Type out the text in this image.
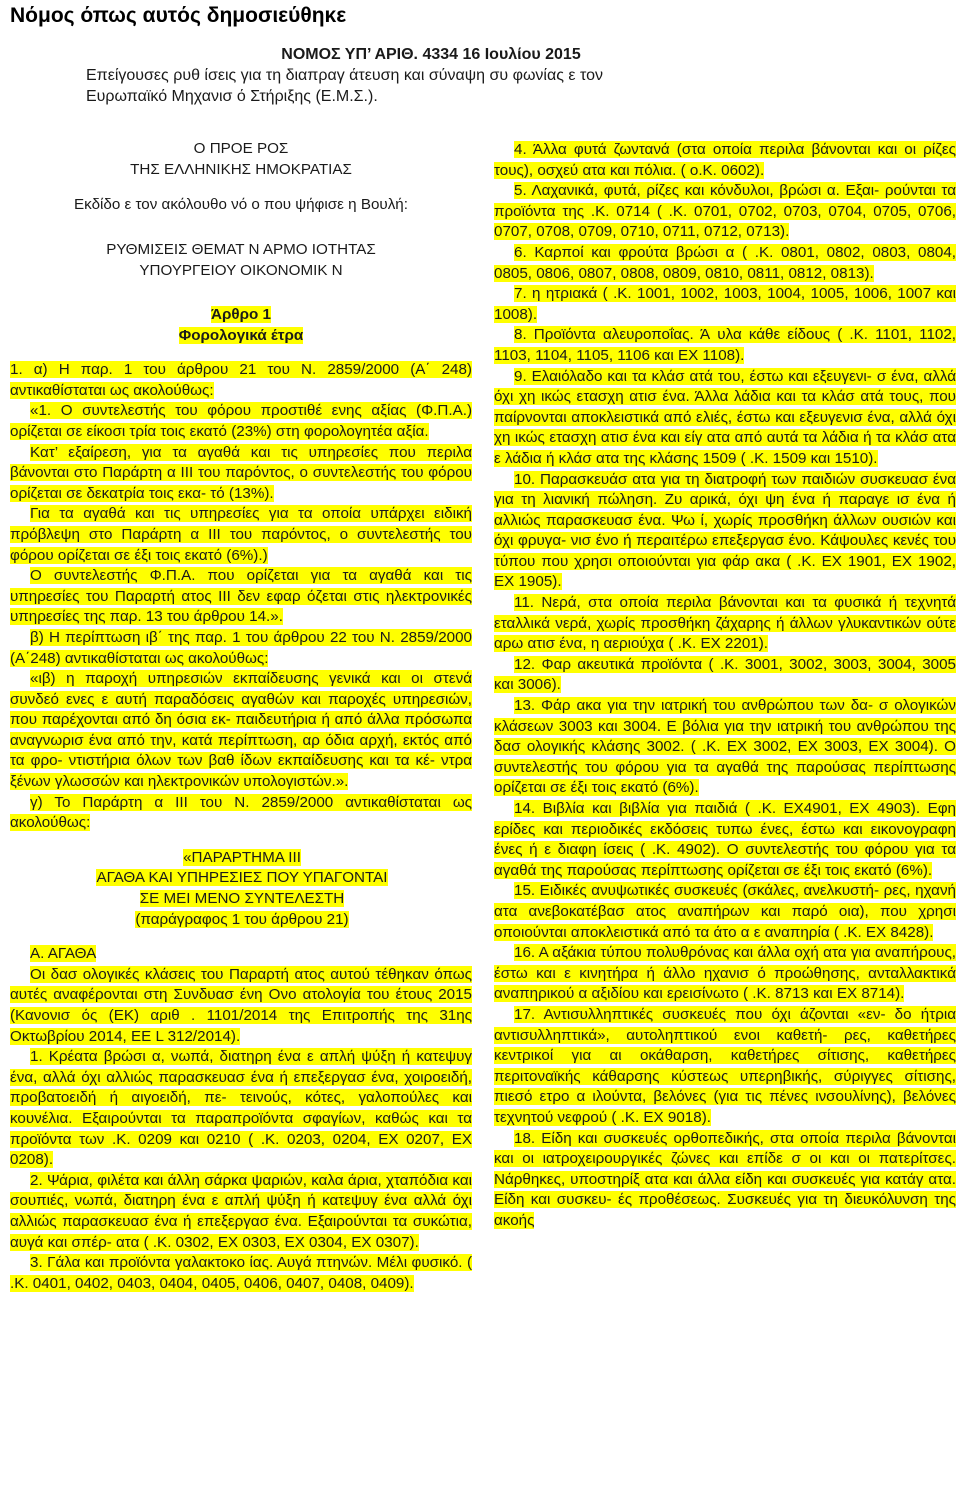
Νόμος όπως αυτός δημοσιεύθηκε

ΝΟΜΟΣ ΥΠ’ ΑΡΙΘ. 4334 16 Ιουλίου 2015

Επείγουσες ρυθ ίσεις για τη διαπραγ άτευση και σύναψη συ φωνίας ε τον

Ευρωπαϊκό Μηχανισ ό Στήριξης (Ε.Μ.Σ.).

Ο ΠΡΟΕ ΡΟΣ

ΤΗΣ ΕΛΛΗΝΙΚΗΣ ΗΜΟΚΡΑΤΙΑΣ

Εκδίδο ε τον ακόλουθο νό ο που ψήφισε η Βουλή:

ΡΥΘΜΙΣΕΙΣ ΘΕΜΑΤ Ν ΑΡΜΟ ΙΟΤΗΤΑΣ

ΥΠΟΥΡΓΕΙΟΥ ΟΙΚΟΝΟΜΙΚ Ν

Άρθρο 1

Φορολογικά έτρα

1. α) Η παρ. 1 του άρθρου 21 του Ν. 2859/2000 (Α΄ 248) αντικαθίσταται ως ακολούθως:

«1. Ο συντελεστής του φόρου προστιθέ ενης αξίας (Φ.Π.Α.) ορίζεται σε είκοσι τρία τοις εκατό (23%) στη φορολογητέα αξία.

Κατ’ εξαίρεση, για τα αγαθά και τις υπηρεσίες που περιλα βάνονται στο Παράρτη α ΙΙΙ του παρόντος, ο συντελεστής του φόρου ορίζεται σε δεκατρία τοις εκα- τό (13%).

Για τα αγαθά και τις υπηρεσίες για τα οποία υπάρχει ειδική πρόβλεψη στο Παράρτη α ΙΙΙ του παρόντος, ο συντελεστής του φόρου ορίζεται σε έξι τοις εκατό (6%).)

Ο συντελεστής Φ.Π.Α. που ορίζεται για τα αγαθά και τις υπηρεσίες του Παραρτή ατος ΙΙΙ δεν εφαρ όζεται στις ηλεκτρονικές υπηρεσίες της παρ. 13 του άρθρου 14.».

β) Η περίπτωση ιβ΄ της παρ. 1 του άρθρου 22 του Ν. 2859/2000 (Α΄248) αντικαθίσταται ως ακολούθως:

«ιβ) η παροχή υπηρεσιών εκπαίδευσης γενικά και οι στενά συνδεό ενες ε αυτή παραδόσεις αγαθών και παροχές υπηρεσιών, που παρέχονται από δη όσια εκ- παιδευτήρια ή από άλλα πρόσωπα αναγνωρισ ένα από την, κατά περίπτωση, αρ όδια αρχή, εκτός από τα φρο- ντιστήρια όλων των βαθ ίδων εκπαίδευσης και τα κέ- ντρα ξένων γλωσσών και ηλεκτρονικών υπολογιστών.».

γ) Το Παράρτη α ΙΙΙ του Ν. 2859/2000 αντικαθίσταται ως ακολούθως:

«ΠΑΡΑΡΤΗΜΑ ΙΙΙ

ΑΓΑΘΑ ΚΑΙ ΥΠΗΡΕΣΙΕΣ ΠΟΥ ΥΠΑΓΟΝΤΑΙ

ΣΕ ΜΕΙ ΜΕΝΟ ΣΥΝΤΕΛΕΣΤΗ

(παράγραφος 1 του άρθρου 21)

Α. ΑΓΑΘΑ

Οι δασ ολογικές κλάσεις του Παραρτή ατος αυτού τέθηκαν όπως αυτές αναφέρονται στη Συνδυασ ένη Ονο ατολογία του έτους 2015 (Κανονισ ός (ΕΚ) αριθ . 1101/2014 της Επιτροπής της 31ης Οκτωβρίου 2014, ΕΕ L 312/2014).

1. Κρέατα βρώσι α, νωπά, διατηρη ένα ε απλή ψύξη ή κατεψυγ ένα, αλλά όχι αλλιώς παρασκευασ ένα ή επεξεργασ ένα, χοιροειδή, προβατοειδή ή αιγοειδή, πε- τεινούς, κότες, γαλοπούλες και κουνέλια. Εξαιρούνται τα παραπροϊόντα σφαγίων, καθώς και τα προϊόντα των .Κ. 0209 και 0210 ( .Κ. 0203, 0204, ΕΧ 0207, ΕΧ 0208).

2. Ψάρια, φιλέτα και άλλη σάρκα ψαριών, καλα άρια, χταπόδια και σουπιές, νωπά, διατηρη ένα ε απλή ψύξη ή κατεψυγ ένα αλλά όχι αλλιώς παρασκευασ ένα ή επεξεργασ ένα. Εξαιρούνται τα συκώτια, αυγά και σπέρ- ατα ( .Κ. 0302, ΕΧ 0303, ΕΧ 0304, ΕΧ 0307).

3. Γάλα και προϊόντα γαλακτοκο ίας. Αυγά πτηνών. Μέλι φυσικό. ( .Κ. 0401, 0402, 0403, 0404, 0405, 0406, 0407, 0408, 0409).

4. Άλλα φυτά ζωντανά (στα οποία περιλα βάνονται και οι ρίζες τους), οσχεύ ατα και πόλια. ( ο.Κ. 0602).

5. Λαχανικά, φυτά, ρίζες και κόνδυλοι, βρώσι α. Εξαι- ρούνται τα προϊόντα της .Κ. 0714 ( .Κ. 0701, 0702, 0703, 0704, 0705, 0706, 0707, 0708, 0709, 0710, 0711, 0712, 0713).

6. Καρποί και φρούτα βρώσι α ( .Κ. 0801, 0802, 0803, 0804, 0805, 0806, 0807, 0808, 0809, 0810, 0811, 0812, 0813).

7. η ητριακά ( .Κ. 1001, 1002, 1003, 1004, 1005, 1006, 1007 και 1008).

8. Προϊόντα αλευροποΐας. Ά υλα κάθε είδους ( .Κ. 1101, 1102, 1103, 1104, 1105, 1106 και ΕΧ 1108).

9. Ελαιόλαδο και τα κλάσ ατά του, έστω και εξευγενι- σ ένα, αλλά όχι χη ικώς ετασχη ατισ ένα. Άλλα λάδια και τα κλάσ ατά τους, που παίρνονται αποκλειστικά από ελιές, έστω και εξευγενισ ένα, αλλά όχι χη ικώς ετασχη ατισ ένα και είγ ατα από αυτά τα λάδια ή τα κλάσ ατα ε λάδια ή κλάσ ατα της κλάσης 1509 ( .Κ. 1509 και 1510).

10. Παρασκευάσ ατα για τη διατροφή των παιδιών συσκευασ ένα για τη λιανική πώληση. Ζυ αρικά, όχι ψη ένα ή παραγε ισ ένα ή αλλιώς παρασκευασ ένα. Ψω ί, χωρίς προσθήκη άλλων ουσιών και όχι φρυγα- νισ ένο ή περαιτέρω επεξεργασ ένο. Κάψουλες κενές του τύπου που χρησι οποιούνται για φάρ ακα ( .Κ. ΕΧ 1901, ΕΧ 1902, ΕΧ 1905).

11. Νερά, στα οποία περιλα βάνονται και τα φυσικά ή τεχνητά εταλλικά νερά, χωρίς προσθήκη ζάχαρης ή άλλων γλυκαντικών ούτε αρω ατισ ένα, η αεριούχα ( .Κ. ΕΧ 2201).

12. Φαρ ακευτικά προϊόντα ( .Κ. 3001, 3002, 3003, 3004, 3005 και 3006).

13. Φάρ ακα για την ιατρική του ανθρώπου των δα- σ ολογικών κλάσεων 3003 και 3004. Ε βόλια για την ιατρική του ανθρώπου της δασ ολογικής κλάσης 3002. ( .Κ. ΕΧ 3002, ΕΧ 3003, ΕΧ 3004). Ο συντελεστής του φόρου για τα αγαθά της παρούσας περίπτωσης ορίζεται σε έξι τοις εκατό (6%).

14. Βιβλία και βιβλία για παιδιά ( .Κ. ΕΧ4901, ΕΧ 4903). Εφη ερίδες και περιοδικές εκδόσεις τυπω ένες, έστω και εικονογραφη ένες ή ε διαφη ίσεις ( .Κ. 4902). Ο συντελεστής του φόρου για τα αγαθά της παρούσας περίπτωσης ορίζεται σε έξι τοις εκατό (6%).

15. Ειδικές ανυψωτικές συσκευές (σκάλες, ανελκυστή- ρες, ηχανή ατα ανεβοκατέβασ ατος αναπήρων και παρό οια), που χρησι οποιούνται αποκλειστικά από τα άτο α ε αναπηρία ( .Κ. ΕΧ 8428).

16. Α αξάκια τύπου πολυθρόνας και άλλα οχή ατα για αναπήρους, έστω και ε κινητήρα ή άλλο ηχανισ ό προώθησης, ανταλλακτικά αναπηρικού α αξιδίου και ερεισίνωτο ( .Κ. 8713 και ΕΧ 8714).

17. Αντισυλληπτικές συσκευές που όχι άζονται «εν- δο ήτρια αντισυλληπτικά», αυτοληπτικού ενοι καθετή- ρες, καθετήρες κεντρικοί για αι οκάθαρση, καθετήρες σίτισης, καθετήρες περιτοναϊκής κάθαρσης κύστεως υπερηβικής, σύριγγες σίτισης, πιεσό ετρο α ιλούντα, βελόνες (για τις πένες ινσουλίνης), βελόνες τεχνητού νεφρού ( .Κ. ΕΧ 9018).

18. Είδη και συσκευές ορθοπεδικής, στα οποία περιλα βάνονται και οι ιατροχειρουργικές ζώνες και επίδε σ οι και οι πατερίτσες. Νάρθηκες, υποστηρίξ ατα και άλλα είδη και συσκευές για κατάγ ατα. Είδη και συσκευ- ές προθέσεως. Συσκευές για τη διευκόλυνση της ακοής
